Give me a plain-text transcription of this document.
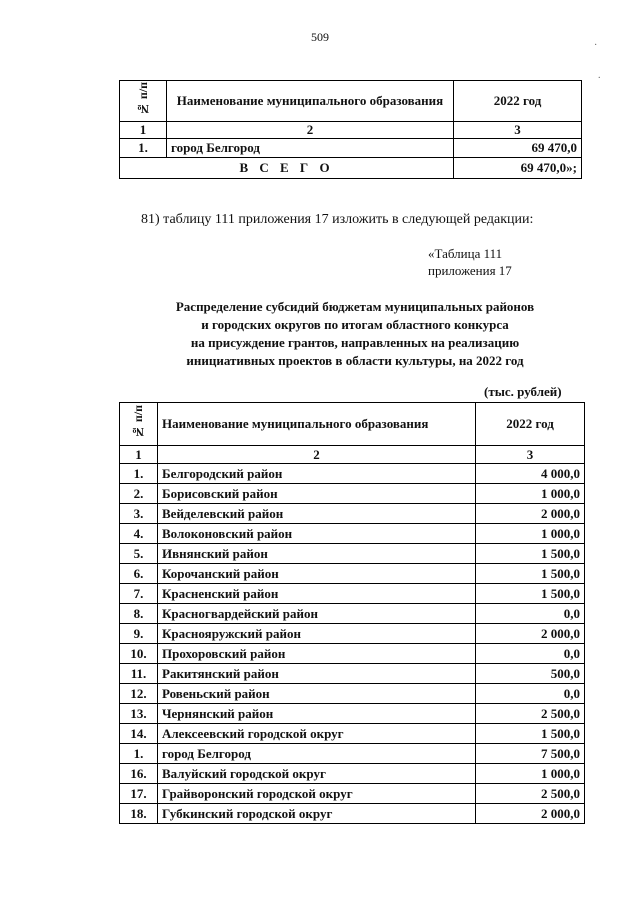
509
№ п/п	Наименование муниципального образования	2022 год
1	2	3
1.	город Белгород	69 470,0
В С Е Г О		69 470,0»;
81) таблицу 111 приложения 17 изложить в следующей редакции:
«Таблица 111
приложения 17
Распределение субсидий бюджетам муниципальных районов
и городских округов по итогам областного конкурса
на присуждение грантов, направленных на реализацию
инициативных проектов в области культуры, на 2022 год
(тыс. рублей)
№ п/п	Наименование муниципального образования	2022 год
1	2	3
1.	Белгородский район	4 000,0
2.	Борисовский район	1 000,0
3.	Вейделевский район	2 000,0
4.	Волоконовский район	1 000,0
5.	Ивнянский район	1 500,0
6.	Корочанский район	1 500,0
7.	Красненский район	1 500,0
8.	Красногвардейский район	0,0
9.	Краснояружский район	2 000,0
10.	Прохоровский район	0,0
11.	Ракитянский район	500,0
12.	Ровеньский район	0,0
13.	Чернянский район	2 500,0
14.	Алексеевский городской округ	1 500,0
1.	город Белгород	7 500,0
16.	Валуйский городской округ	1 000,0
17.	Грайворонский городской округ	2 500,0
18.	Губкинский городской округ	2 000,0
·
.
